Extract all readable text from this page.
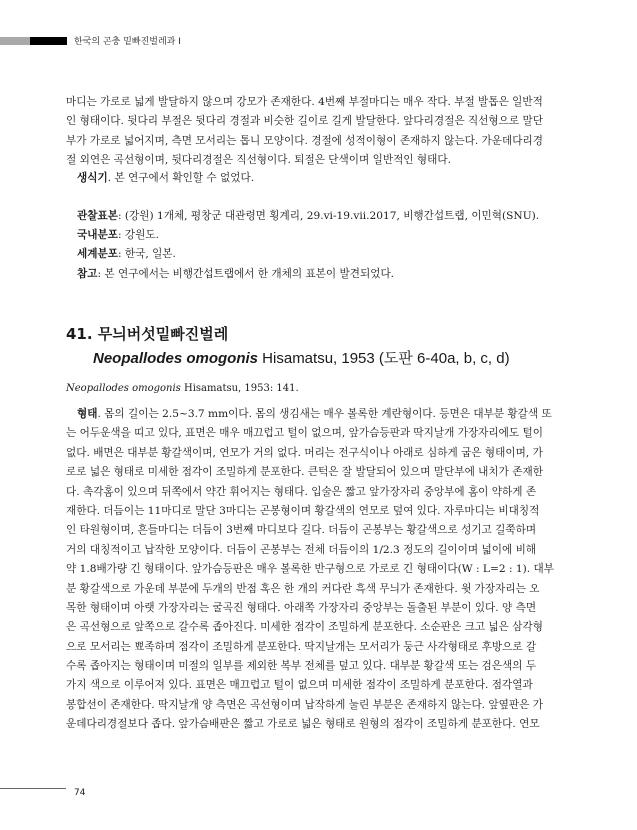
한국의 곤충 밑빠진벌레과 I
마디는 가로로 넓게 발달하지 않으며 강모가 존재한다. 4번째 부절마디는 매우 작다. 부절 발톱은 일반적
인 형태이다. 뒷다리 부절은 뒷다리 경절과 비슷한 길이로 길게 발달한다. 앞다리경절은 직선형으로 말단
부가 가로로 넓어지며, 측면 모서리는 톱니 모양이다. 경절에 성적이형이 존재하지 않는다. 가운데다리경
절 외연은 곡선형이며, 뒷다리경절은 직선형이다. 퇴절은 단색이며 일반적인 형태다.
생식기. 본 연구에서 확인할 수 없었다.
관찰표본: (강원) 1개체, 평창군 대관령면 횡계리, 29.vi-19.vii.2017, 비행간섭트랩, 이민혁(SNU).
국내분포: 강원도.
세계분포: 한국, 일본.
참고: 본 연구에서는 비행간섭트랩에서 한 개체의 표본이 발견되었다.
41. 무늬버섯밑빠진벌레
Neopallodes omogonis Hisamatsu, 1953 (도판 6-40a, b, c, d)
Neopallodes omogonis Hisamatsu, 1953: 141.
형태. 몸의 길이는 2.5~3.7 mm이다. 몸의 생김새는 매우 볼록한 계란형이다. 등면은 대부분 황갈색 또
는 어두운색을 띠고 있다, 표면은 매우 매끄럽고 털이 없으며, 앞가슴등판과 딱지날개 가장자리에도 털이
없다. 배면은 대부분 황갈색이며, 연모가 거의 없다. 머리는 전구식이나 아래로 심하게 굽은 형태이며, 가
로로 넓은 형태로 미세한 점각이 조밀하게 분포한다. 큰턱은 잘 발달되어 있으며 말단부에 내치가 존재한
다. 촉각홈이 있으며 뒤쪽에서 약간 휘어지는 형태다. 입술은 짧고 앞가장자리 중앙부에 홈이 약하게 존
재한다. 더듬이는 11마디로 말단 3마디는 곤봉형이며 황갈색의 연모로 덮여 있다. 자루마디는 비대칭적
인 타원형이며, 흔들마디는 더듬이 3번째 마디보다 길다. 더듬이 곤봉부는 황갈색으로 성기고 길쭉하며
거의 대칭적이고 납작한 모양이다. 더듬이 곤봉부는 전체 더듬이의 1/2.3 정도의 길이이며 넓이에 비해
약 1.8배가량 긴 형태이다. 앞가슴등판은 매우 볼록한 반구형으로 가로로 긴 형태이다(W : L=2 : 1). 대부
분 황갈색으로 가운데 부분에 두개의 반점 혹은 한 개의 커다란 흑색 무늬가 존재한다. 윗 가장자리는 오
목한 형태이며 아랫 가장자리는 굴곡진 형태다. 아래쪽 가장자리 중앙부는 돌출된 부분이 있다. 양 측면
은 곡선형으로 앞쪽으로 갈수록 좁아진다. 미세한 점각이 조밀하게 분포한다. 소순판은 크고 넓은 삼각형
으로 모서리는 뾰족하며 점각이 조밀하게 분포한다. 딱지날개는 모서리가 둥근 사각형태로 후방으로 갈
수록 좁아지는 형태이며 미절의 일부를 제외한 복부 전체를 덮고 있다. 대부분 황갈색 또는 검은색의 두
가지 색으로 이루어져 있다. 표면은 매끄럽고 털이 없으며 미세한 점각이 조밀하게 분포한다. 점각열과
봉합선이 존재한다. 딱지날개 양 측면은 곡선형이며 납작하게 눌린 부분은 존재하지 않는다. 앞옆판은 가
운데다리경절보다 좁다. 앞가슴배판은 짧고 가로로 넓은 형태로 원형의 점각이 조밀하게 분포한다. 연모
74
